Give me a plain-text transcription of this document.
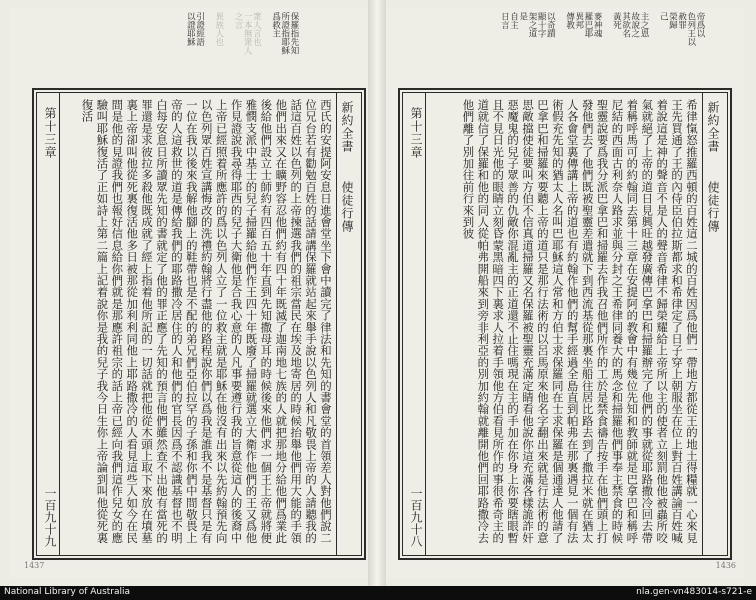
保羅指先知
所證指耶穌
爲救主
衆人言也
一本無衆人
之言
異族人也
引證經語
以證耶穌
新約全書
使徒行傳
西氏的安提阿安息日進會堂坐下會中讀完了律法和先知的書會堂的首領差人對他們說二位兄台若有勸勉百姓的話請講保羅就站起來舉手說以色列人和凡敬畏上帝的人請聽我的話這百姓以色列的上帝揀選我們的祖宗當民在埃及地寄居的時候抬舉他們用大能的手領他們出來又在曠野容忍他們約有四十年既滅了迦南地七族的人就把那地分給他們爲業此後給他們設立士師約有四百五十年直到先知撒母耳的時候後來他們求一個王上帝就將便雅憫支派中基士的兒子掃羅給他們作王四十年既廢了掃羅就選立大衛作他們的王又爲他作見證說我尋得耶西的兒子大衛他是合我心意的人凡事要遵行我的旨意從這人的後裔中上帝已經照着所應許的爲以色列人立了一位救主就是耶穌在他沒有出來以先約翰預先向以色列眾百姓宣講悔改的洗禮約翰將行盡他的路程說你們以爲我是誰我不是基督只是有一位在我以後來我解他腳上的鞋帶也是不配的弟兄們亞伯拉罕的子孫和你們中間敬畏上帝的人這救世的道是傳給我們的耶路撒冷居住的人和他們的官長因爲不認識基督也不明白每安息日所讀眾先知的書就定了他的罪正應了先知的預言他們雖然查不出他有當死的罪還是求彼拉多殺他既成就了經上指着他所記的一切話就把他從木頭上取下來放在墳墓裏上帝卻叫他從死裏復活他多日被那從加利利同他上耶路撒冷的人看見這些人如今在民間是他的見證我們也報好信息給你們就是那應許祖宗的話上帝已經向我們這作兒女的應驗叫耶穌復活了正如詩上第二篇上記着說你是我的兒子我今日生你上帝論到叫他從死裏復活
第十三章
一百九十九
1437
帝爲以
色列王以
赦罪
榮歸
己
主之恩
故說之
其欲名
黃死
麥神魂
羅巴耶
異邦
傳教
以奇蹟
顯十字
架之道
是
自主
日言
新約全書
使徒行傳
希律愾怒推羅西頓的百姓這二城的百姓因爲他們一帶地方都從王的地土得糧就一心來見王先買通了王的內侍臣伯拉斯都求和希律定了日子穿上朝服坐在位上對百姓講論百姓喊着說這是神的聲音不是人的聲音希律不歸榮耀給上帝所以主的使者立刻罰他他被蟲所咬氣就絕了上帝的道日見興旺越發廣傳巴拿巴和掃羅辦完了他們的事就從耶路撒冷回去帶着稱呼馬可的約翰同去第十三章在安提阿的教會中有幾位先知和教師就是巴拿巴和稱呼尼結的西面古利奈人路求並與分封之王希律同養大的馬念和掃羅他們事奉主禁食的時候聖靈說要爲我分派巴拿巴和掃羅去作我召他們所作的工於是禁食禱告按手在他們頭上打發他們去了他們既被聖靈差遣就下到西流基從那裏坐船往居比路去到了撒拉米就在猶太人各會堂裏傳講上帝的道也有約翰作他們的幫手經過全島直到帕弗在那裏遇見一個有法術假充先知的猶太人名叫巴耶穌這人常和方伯士求保羅同在士求保羅是個通達人他請了巴拿巴和掃羅來要聽上帝的道只是那行法術的以呂馬原來他名字翻出來就是行法術的意思敵擋使徒要叫方伯不信真道掃羅又名保羅被聖靈充滿定睛看他說你這充滿各樣詭詐奸惡魔鬼的兒子眾善的仇敵你混亂主的正道還不止住嗎現在主的手加在你身上你要瞎眼暫且不見日光他的眼睛立刻昏蒙黑暗四下裏求人拉着手領他方伯看見所作的事很希奇主的道就信了保羅和他的同人從帕弗開船來到旁非利亞的別加約翰就離開他們回耶路撒冷去他們離了別加往前行來到彼
第十三章
一百九十八
1436
National Library of Australia	nla.gen-vn483014-s721-e
